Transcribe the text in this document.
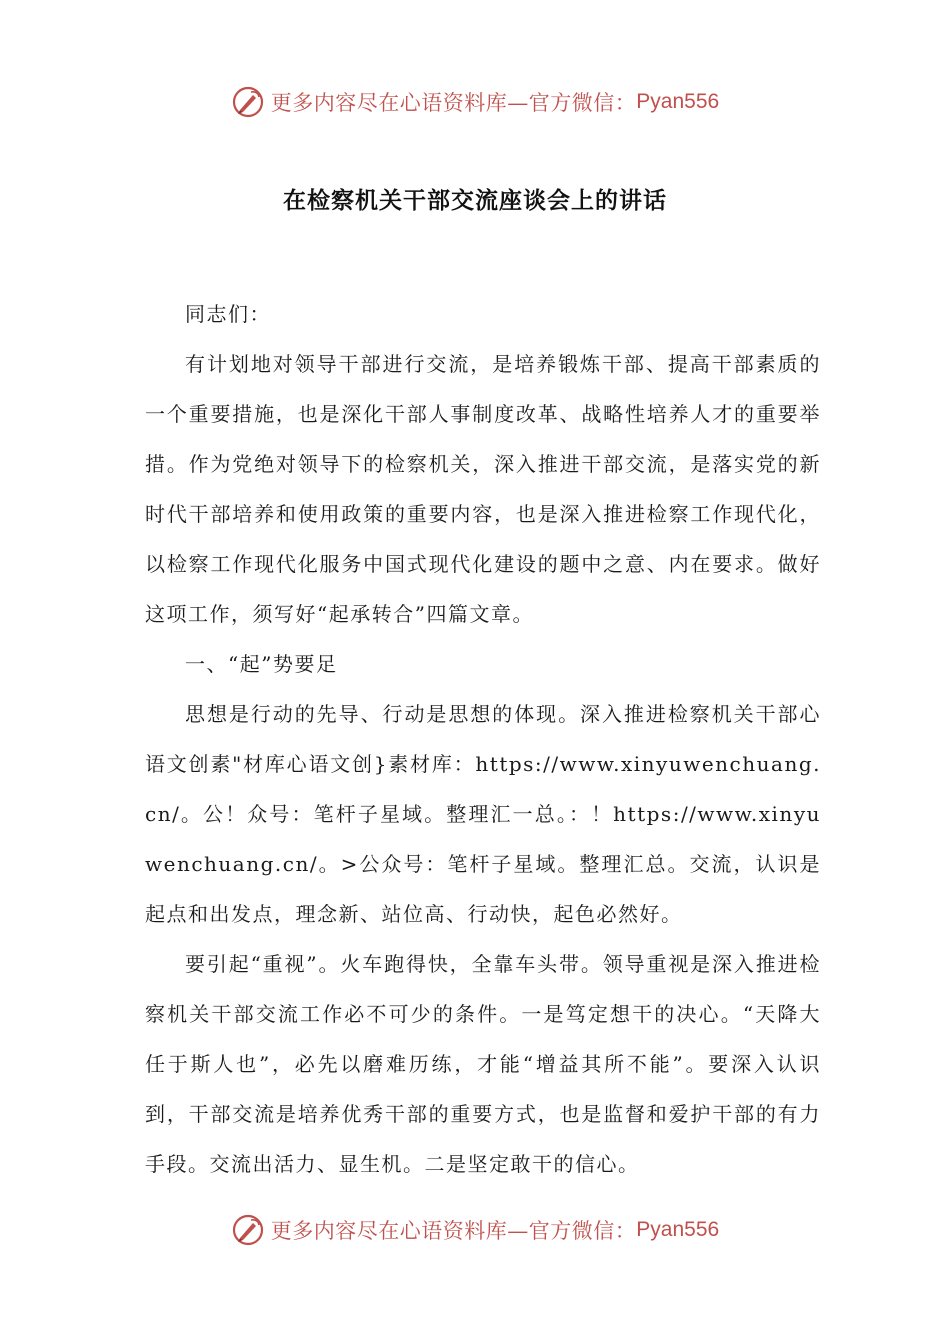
更多内容尽在心语资料库— 官方微信： Pyan556
在检察机关干部交流座谈会上的讲话

同志们：

有计划地对领导干部进行交流，是培养锻炼干部、提高干部素质的一个重要措施，也是深化干部人事制度改革、战略性培养人才的重要举措。作为党绝对领导下的检察机关，深入推进干部交流，是落实党的新时代干部培养和使用政策的重要内容，也是深入推进检察工作现代化，以检察工作现代化服务中国式现代化建设的题中之意、内在要求。做好这项工作，须写好“起承转合”四篇文章。

一、“起”势要足

思想是行动的先导、行动是思想的体现。深入推进检察机关干部心语文创素"材库心语文创}素材库：https://www.xinyuwenchuang.cn/。公！众号：笔杆子星域。整理汇一总。：！https://www.xinyuwenchuang.cn/。>公众号：笔杆子星域。整理汇总。交流，认识是起点和出发点，理念新、站位高、行动快，起色必然好。

要引起“重视”。火车跑得快，全靠车头带。领导重视是深入推进检察机关干部交流工作必不可少的条件。一是笃定想干的决心。“天降大任于斯人也”，必先以磨难历练，才能“增益其所不能”。要深入认识到，干部交流是培养优秀干部的重要方式，也是监督和爱护干部的有力手段。交流出活力、显生机。二是坚定敢干的信心。

更多内容尽在心语资料库— 官方微信： Pyan556
